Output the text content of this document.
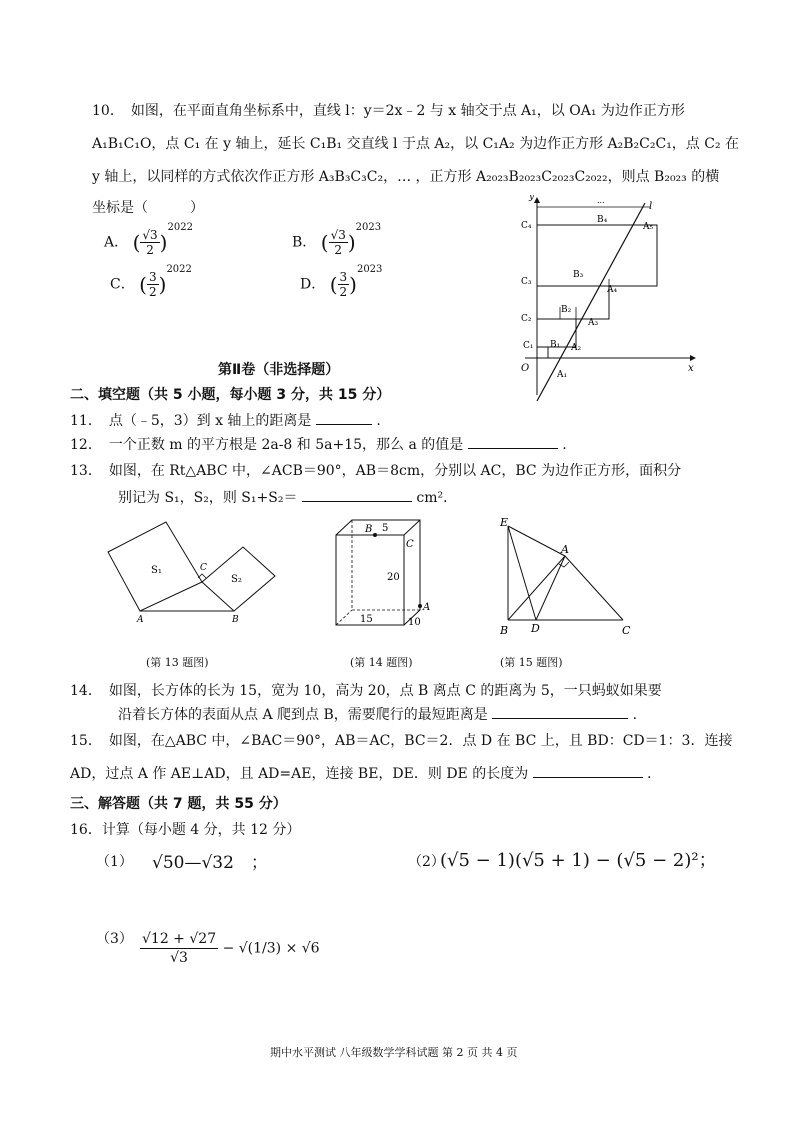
10．　如图，在平面直角坐标系中，直线 l：y＝2x﹣2 与 x 轴交于点 A₁，以 OA₁ 为边作正方形
A₁B₁C₁O，点 C₁ 在 y 轴上，延长 C₁B₁ 交直线 l 于点 A₂，以 C₁A₂ 为边作正方形 A₂B₂C₂C₁，点 C₂ 在
y 轴上，以同样的方式依次作正方形 A₃B₃C₃C₂，… ，正方形 A₂₀₂₃B₂₀₂₃C₂₀₂₃C₂₀₂₂，则点 B₂₀₂₃ 的横
坐标是（　　　）
A． ( $\frac{√3}{2} )^{2022}$
B． ( $\frac{√3}{2} )^{2023}$
C． ( $\frac{3}{2} )^{2022}$
D． ( $\frac{3}{2} )^{2023}$
y
x
O
l
...
C₄
C₃
C₂
C₁
B₄
B₃
B₂
B₁
A₅
A₄
A₃
A₂
A₁
第Ⅱ卷（非选择题）
二、填空题（共 5 小题，每小题 3 分，共 15 分）
11．　点（﹣5，3）到 x 轴上的距离是	.
12．　一个正数 m 的平方根是 2a-8 和 5a+15，那么 a 的值是	.
13．　如图，在 Rt△ABC 中，∠ACB＝90°，AB＝8cm，分别以 AC，BC 为边作正方形，面积分
别记为 S₁，S₂，则 S₁+S₂＝	cm²．
S₁
S₂
A	B
C
(第 13 题图)
B 5
C
20
A
15	10
(第 14 题图)
E
A
B D	C
(第 15 题图)
14．　如图，长方体的长为 15，宽为 10，高为 20，点 B 离点 C 的距离为 5，一只蚂蚁如果要
沿着长方体的表面从点 A 爬到点 B，需要爬行的最短距离是	.
15．　如图，在△ABC 中，∠BAC＝90°，AB＝AC，BC＝2．点 D 在 BC 上，且 BD：CD＝1：3．连接
AD，过点 A 作 AE⊥AD，且 AD=AE，连接 BE，DE．则 DE 的长度为	．
三、解答题（共 7 题，共 55 分）
16．计算（每小题 4 分，共 12 分）
（1） √50—√32　；	（2）
(√5 − 1)(√5 + 1) − (√5 − 2)²；
$(3) \frac{√12 + √27}{√3} - √(1/3) \times √6$
期中水平测试 八年级数学学科试题 第 2 页 共 4 页
